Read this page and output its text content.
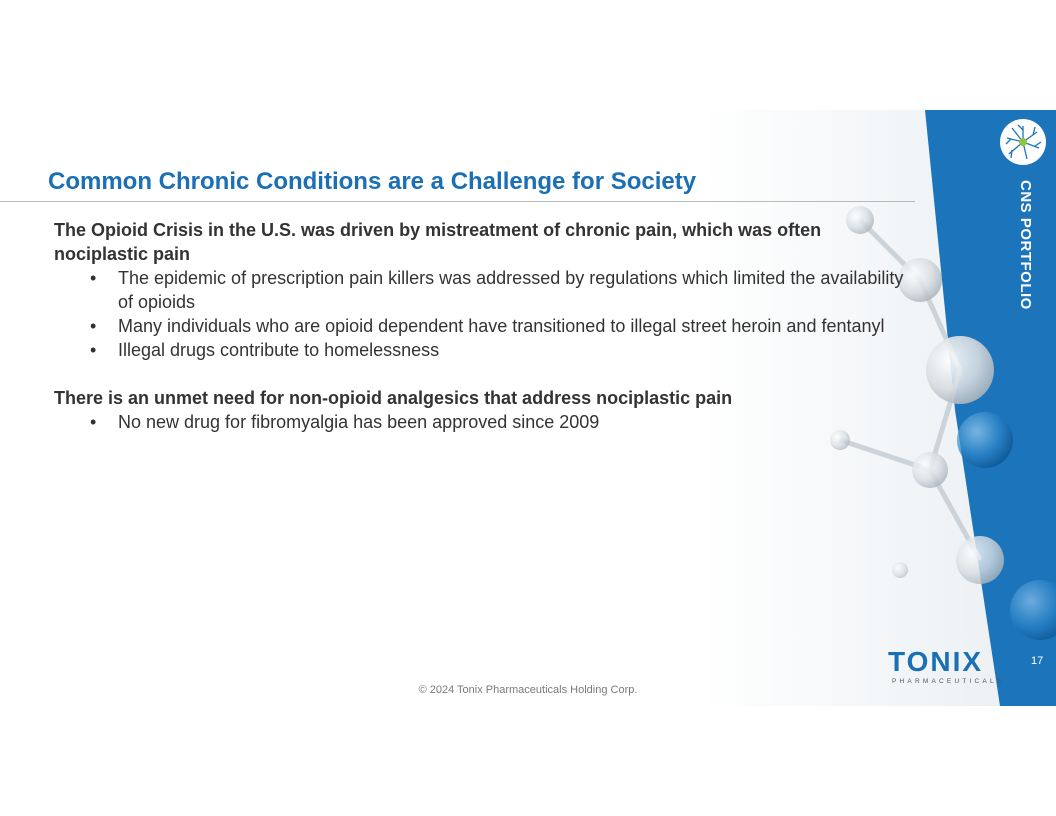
CNS PORTFOLIO
Common Chronic Conditions are a Challenge for Society

The Opioid Crisis in the U.S. was driven by mistreatment of chronic pain, which was often nociplastic pain

• The epidemic of prescription pain killers was addressed by regulations which limited the availability of opioids
• Many individuals who are opioid dependent have transitioned to illegal street heroin and fentanyl
• Illegal drugs contribute to homelessness

There is an unmet need for non-opioid analgesics that address nociplastic pain

• No new drug for fibromyalgia has been approved since 2009
TONIX
PHARMACEUTICALS
17
© 2024 Tonix Pharmaceuticals Holding Corp.
